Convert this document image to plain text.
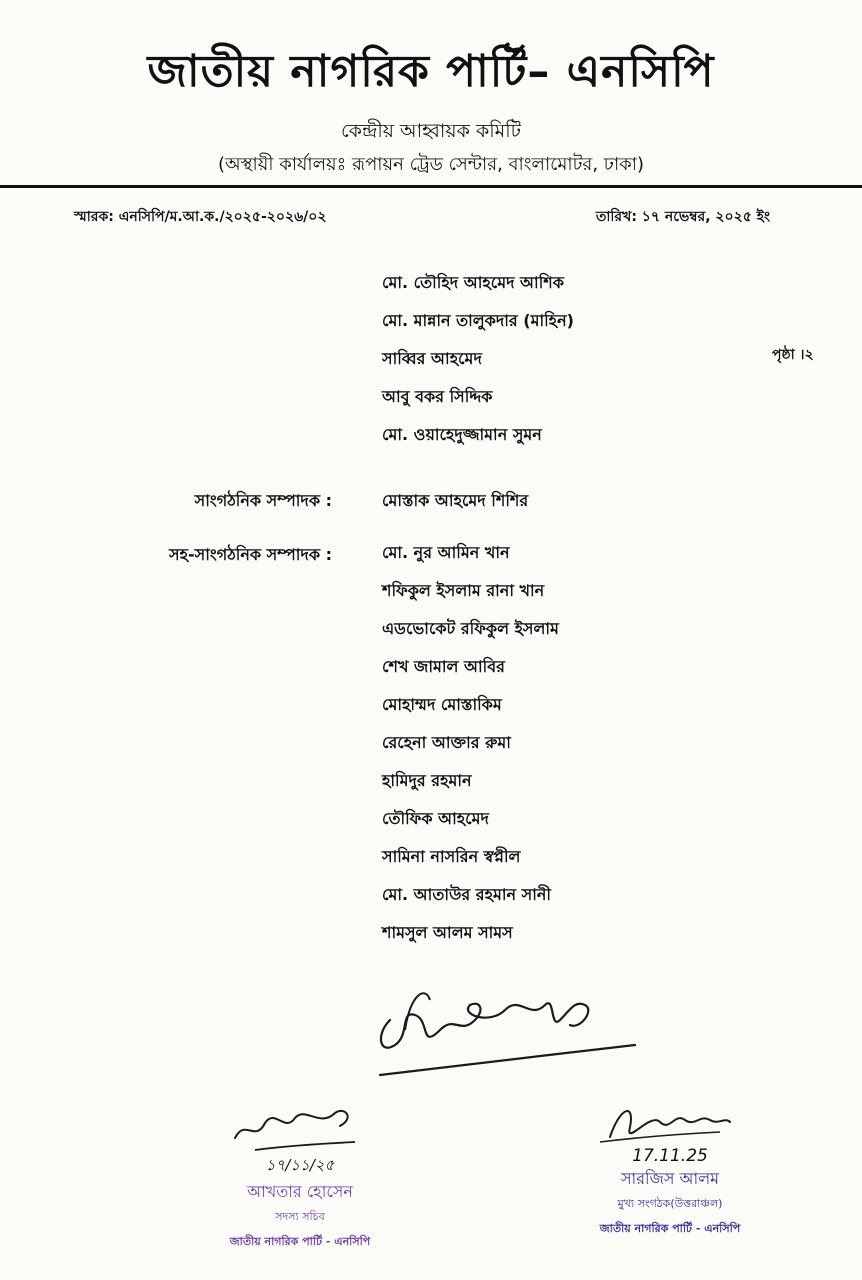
জাতীয় নাগরিক পার্টি– এনসিপি
কেন্দ্রীয় আহ্বায়ক কমিটি
(অস্থায়ী কার্যালয়ঃ রূপায়ন ট্রেড সেন্টার, বাংলামোটর, ঢাকা)
স্মারক: এনসিপি/ম.আ.ক./২০২৫-২০২৬/০২	তারিখ: ১৭ নভেম্বর, ২০২৫ ইং
মো. তৌহিদ আহমেদ আশিক
মো. মান্নান তালুকদার (মাহিন)
সাব্বির আহমেদ
আবু বকর সিদ্দিক
মো. ওয়াহেদুজ্জামান সুমন
পৃষ্ঠা ।২
সাংগঠনিক সম্পাদক :	মোস্তাক আহমেদ শিশির
সহ-সাংগঠনিক সম্পাদক :	মো. নুর আমিন খান
শফিকুল ইসলাম রানা খান
এডভোকেট রফিকুল ইসলাম
শেখ জামাল আবির
মোহাম্মদ মোস্তাকিম
রেহেনা আক্তার রুমা
হামিদুর রহমান
তৌফিক আহমেদ
সামিনা নাসরিন স্বপ্নীল
মো. আতাউর রহমান সানী
শামসুল আলম সামস
১৭/১১/২৫

আখতার হোসেন

সদস্য সচিব

জাতীয় নাগরিক পার্টি - এনসিপি

17.11.25

সারজিস আলম

মুখ্য সংগঠক(উত্তরাঞ্চল)

জাতীয় নাগরিক পার্টি - এনসিপি
